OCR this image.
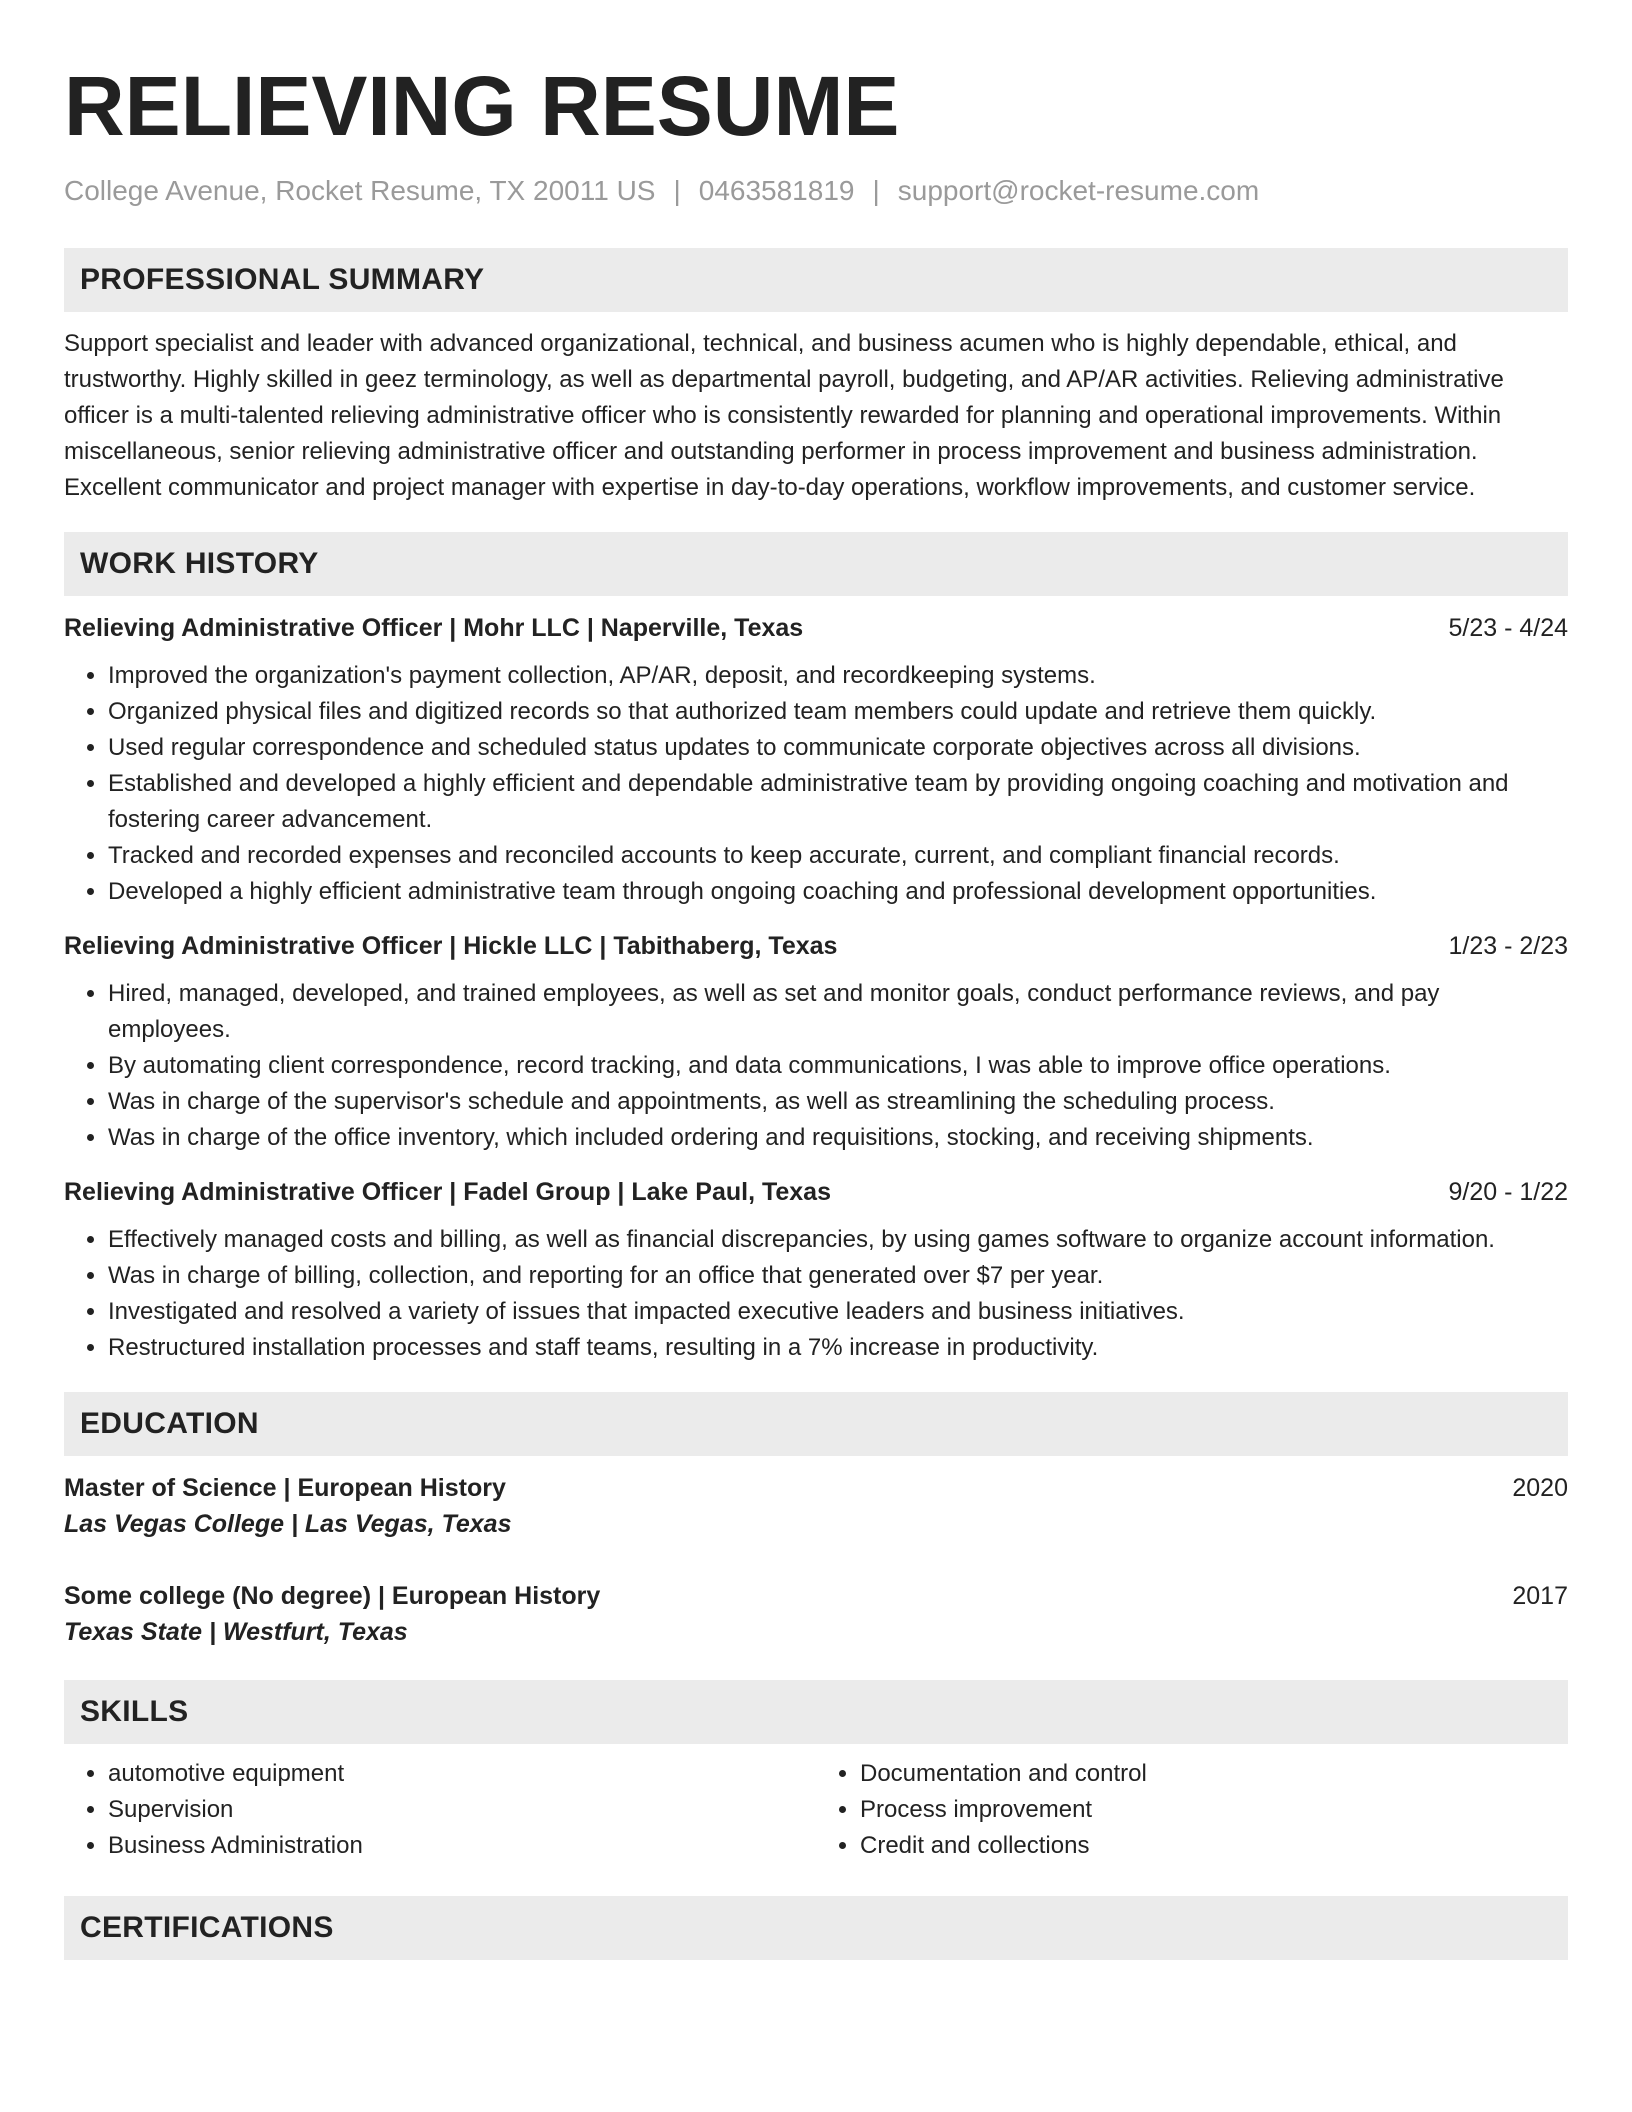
RELIEVING RESUME
College Avenue, Rocket Resume, TX 20011 US | 0463581819 | support@rocket-resume.com
PROFESSIONAL SUMMARY

Support specialist and leader with advanced organizational, technical, and business acumen who is highly dependable, ethical, and trustworthy. Highly skilled in geez terminology, as well as departmental payroll, budgeting, and AP/AR activities. Relieving administrative officer is a multi-talented relieving administrative officer who is consistently rewarded for planning and operational improvements. Within miscellaneous, senior relieving administrative officer and outstanding performer in process improvement and business administration. Excellent communicator and project manager with expertise in day-to-day operations, workflow improvements, and customer service.

WORK HISTORY
Relieving Administrative Officer | Mohr LLC | Naperville, Texas	5/23 - 4/24
• Improved the organization's payment collection, AP/AR, deposit, and recordkeeping systems.
• Organized physical files and digitized records so that authorized team members could update and retrieve them quickly.
• Used regular correspondence and scheduled status updates to communicate corporate objectives across all divisions.
• Established and developed a highly efficient and dependable administrative team by providing ongoing coaching and motivation and fostering career advancement.
• Tracked and recorded expenses and reconciled accounts to keep accurate, current, and compliant financial records.
• Developed a highly efficient administrative team through ongoing coaching and professional development opportunities.
Relieving Administrative Officer | Hickle LLC | Tabithaberg, Texas	1/23 - 2/23
• Hired, managed, developed, and trained employees, as well as set and monitor goals, conduct performance reviews, and pay employees.
• By automating client correspondence, record tracking, and data communications, I was able to improve office operations.
• Was in charge of the supervisor's schedule and appointments, as well as streamlining the scheduling process.
• Was in charge of the office inventory, which included ordering and requisitions, stocking, and receiving shipments.
Relieving Administrative Officer | Fadel Group | Lake Paul, Texas	9/20 - 1/22
• Effectively managed costs and billing, as well as financial discrepancies, by using games software to organize account information.
• Was in charge of billing, collection, and reporting for an office that generated over $7 per year.
• Investigated and resolved a variety of issues that impacted executive leaders and business initiatives.
• Restructured installation processes and staff teams, resulting in a 7% increase in productivity.
EDUCATION
Master of Science | European History	2020
Las Vegas College | Las Vegas, Texas
Some college (No degree) | European History	2017
Texas State | Westfurt, Texas
SKILLS
• automotive equipment
• Supervision
• Business Administration
• Documentation and control
• Process improvement
• Credit and collections
CERTIFICATIONS
